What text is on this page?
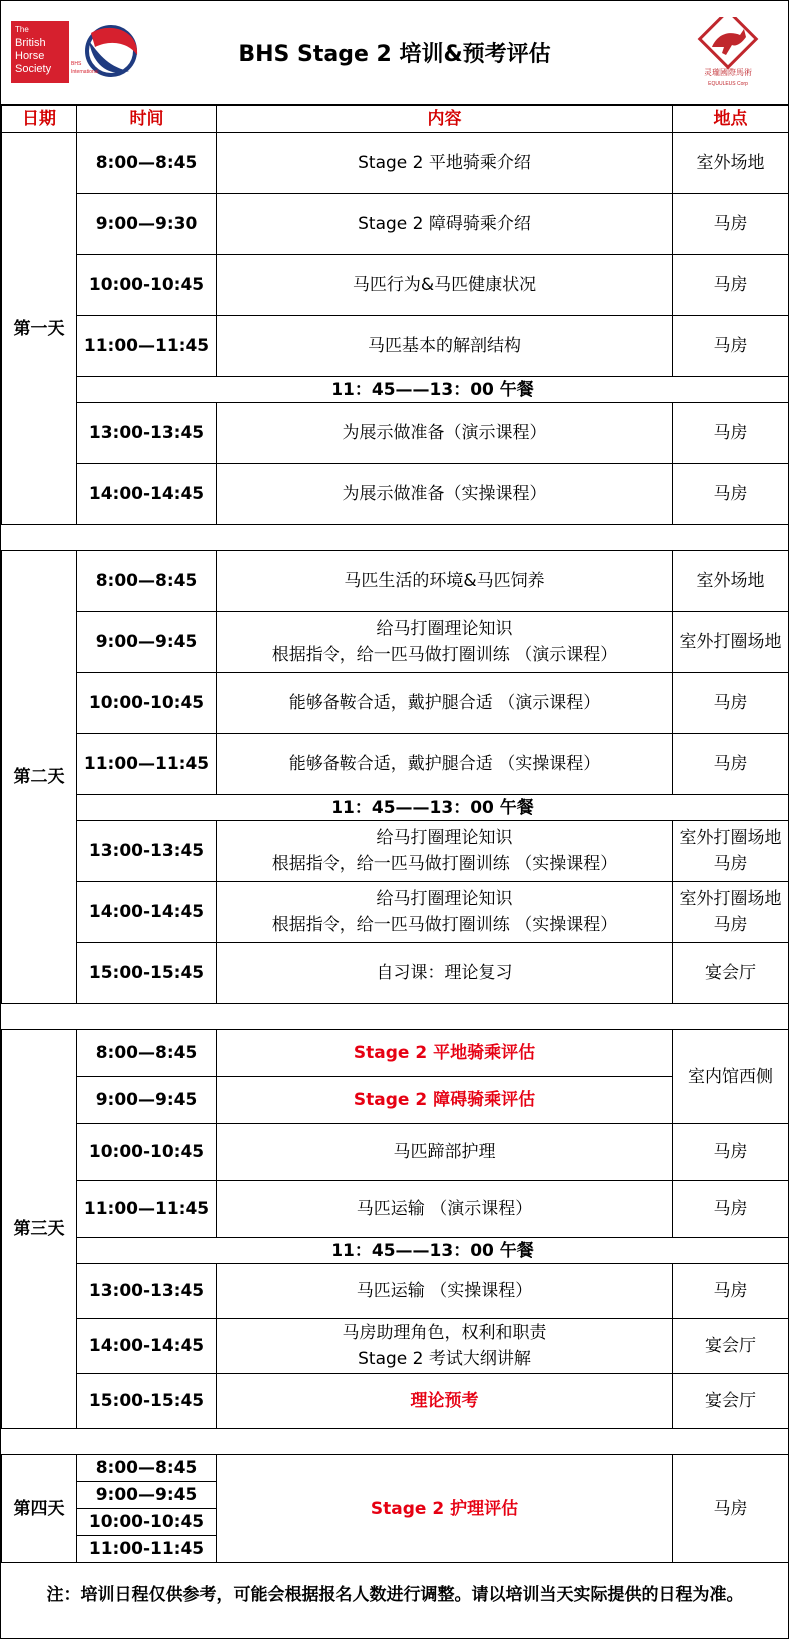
The
British
Horse
Society	BHS
International
BHS Stage 2 培训&预考评估
灵瓏國際馬術
EQUULEUS Corp
日期	时间	内容	地点
第一天	8:00—8:45	Stage 2 平地骑乘介绍	室外场地
	9:00—9:30	Stage 2 障碍骑乘介绍	马房
	10:00-10:45	马匹行为&马匹健康状况	马房
	11:00—11:45	马匹基本的解剖结构	马房
	11：45——13：00 午餐		
	13:00-13:45	为展示做准备（演示课程）	马房
	14:00-14:45	为展示做准备（实操课程）	马房

第二天	8:00—8:45	马匹生活的环境&马匹饲养	室外场地
	9:00—9:45	给马打圈理论知识
根据指令，给一匹马做打圈训练 （演示课程）	室外打圈场地
	10:00-10:45	能够备鞍合适，戴护腿合适 （演示课程）	马房
	11:00—11:45	能够备鞍合适，戴护腿合适 （实操课程）	马房
	11：45——13：00 午餐		
	13:00-13:45	给马打圈理论知识
根据指令，给一匹马做打圈训练 （实操课程）	室外打圈场地
马房

	14:00-14:45	给马打圈理论知识
根据指令，给一匹马做打圈训练 （实操课程）	室外打圈场地
马房

	15:00-15:45	自习课：理论复习	宴会厅

第三天	8:00—8:45	Stage 2 平地骑乘评估	室内馆西侧
	9:00—9:45	Stage 2 障碍骑乘评估	
	10:00-10:45	马匹蹄部护理	马房
	11:00—11:45	马匹运输 （演示课程）	马房
	11：45——13：00 午餐		
	13:00-13:45	马匹运输 （实操课程）	马房
	14:00-14:45	马房助理角色，权利和职责
Stage 2 考试大纲讲解	宴会厅
	15:00-15:45	理论预考	宴会厅

第四天	8:00—8:45	Stage 2 护理评估	马房
	9:00—9:45		
	10:00-10:45		
	11:00-11:45		
注：培训日程仅供参考，可能会根据报名人数进行调整。请以培训当天实际提供的日程为准。			
